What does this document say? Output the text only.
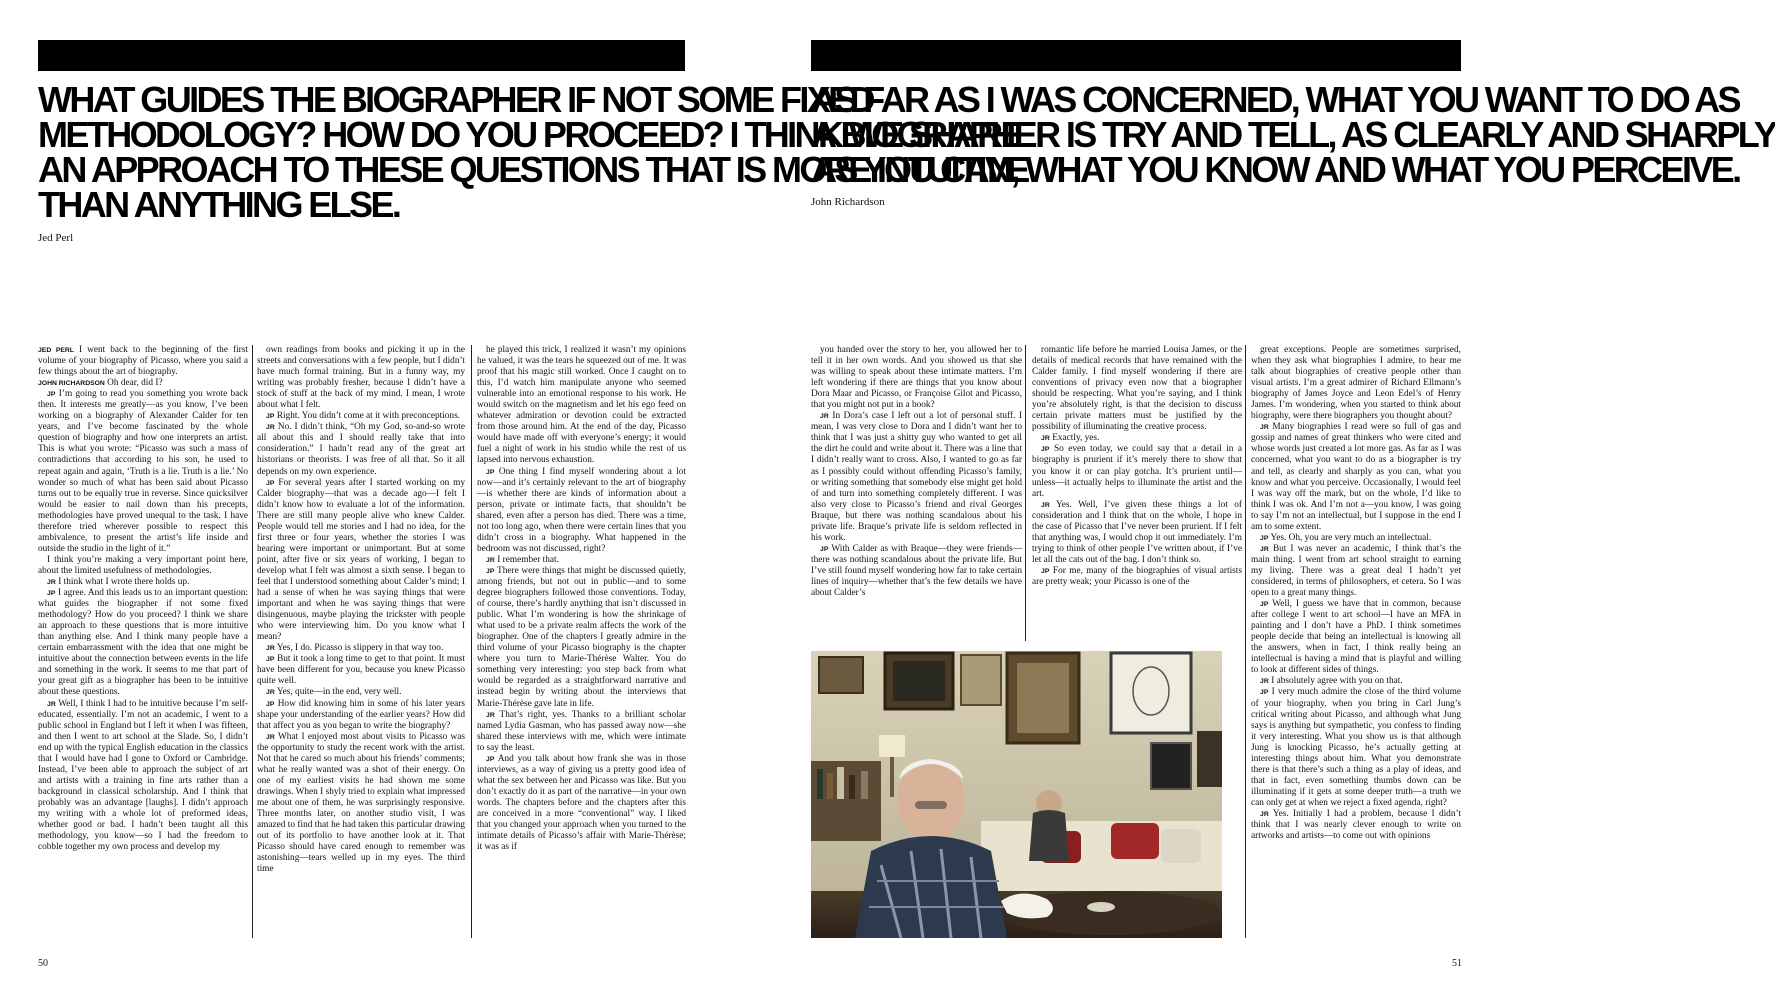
WHAT GUIDES THE BIOGRAPHER IF NOT SOME FIXED
METHODOLOGY? HOW DO YOU PROCEED? I THINK WE SHARE
AN APPROACH TO THESE QUESTIONS THAT IS MORE INTUITIVE
THAN ANYTHING ELSE.
Jed Perl

JED PERL I went back to the beginning of the first volume of your biography of Picasso, where you said a few things about the art of biography.

JOHN RICHARDSON Oh dear, did I?

JP I’m going to read you something you wrote back then. It interests me greatly—as you know, I’ve been working on a biography of Alexander Calder for ten years, and I’ve become fascinated by the whole question of biography and how one interprets an artist. This is what you wrote: “Picasso was such a mass of contradictions that according to his son, he used to repeat again and again, ‘Truth is a lie. Truth is a lie.’ No wonder so much of what has been said about Picasso turns out to be equally true in reverse. Since quicksilver would be easier to nail down than his precepts, methodologies have proved unequal to the task. I have therefore tried wherever possible to respect this ambivalence, to present the artist’s life inside and outside the studio in the light of it.”

I think you’re making a very important point here, about the limited usefulness of methodologies.

JR I think what I wrote there holds up.

JP I agree. And this leads us to an important question: what guides the biographer if not some fixed methodology? How do you proceed? I think we share an approach to these questions that is more intuitive than anything else. And I think many people have a certain embarrassment with the idea that one might be intuitive about the connection between events in the life and something in the work. It seems to me that part of your great gift as a biographer has been to be intuitive about these questions.

JR Well, I think I had to be intuitive because I’m self-educated, essentially. I’m not an academic, I went to a public school in England but I left it when I was fifteen, and then I went to art school at the Slade. So, I didn’t end up with the typical English education in the classics that I would have had I gone to Oxford or Cambridge. Instead, I’ve been able to approach the subject of art and artists with a training in fine arts rather than a background in classical scholarship. And I think that probably was an advantage [laughs]. I didn’t approach my writing with a whole lot of preformed ideas, whether good or bad. I hadn’t been taught all this methodology, you know—so I had the freedom to cobble together my own process and develop my

own readings from books and picking it up in the streets and conversations with a few people, but I didn’t have much formal training. But in a funny way, my writing was probably fresher, because I didn’t have a stock of stuff at the back of my mind. I mean, I wrote about what I felt.

JP Right. You didn’t come at it with preconceptions.

JR No. I didn’t think, “Oh my God, so-and-so wrote all about this and I should really take that into consideration.” I hadn’t read any of the great art historians or theorists. I was free of all that. So it all depends on my own experience.

JP For several years after I started working on my Calder biography—that was a decade ago—I felt I didn’t know how to evaluate a lot of the information. There are still many people alive who knew Calder. People would tell me stories and I had no idea, for the first three or four years, whether the stories I was hearing were important or unimportant. But at some point, after five or six years of working, I began to develop what I felt was almost a sixth sense. I began to feel that I understood something about Calder’s mind; I had a sense of when he was saying things that were important and when he was saying things that were disingenuous, maybe playing the trickster with people who were interviewing him. Do you know what I mean?

JR Yes, I do. Picasso is slippery in that way too.

JP But it took a long time to get to that point. It must have been different for you, because you knew Picasso quite well.

JR Yes, quite—in the end, very well.

JP How did knowing him in some of his later years shape your understanding of the earlier years? How did that affect you as you began to write the biography?

JR What I enjoyed most about visits to Picasso was the opportunity to study the recent work with the artist. Not that he cared so much about his friends’ comments; what he really wanted was a shot of their energy. On one of my earliest visits he had shown me some drawings. When I shyly tried to explain what impressed me about one of them, he was surprisingly responsive. Three months later, on another studio visit, I was amazed to find that he had taken this particular drawing out of its portfolio to have another look at it. That Picasso should have cared enough to remember was astonishing—tears welled up in my eyes. The third time

he played this trick, I realized it wasn’t my opinions he valued, it was the tears he squeezed out of me. It was proof that his magic still worked. Once I caught on to this, I’d watch him manipulate anyone who seemed vulnerable into an emotional response to his work. He would switch on the magnetism and let his ego feed on whatever admiration or devotion could be extracted from those around him. At the end of the day, Picasso would have made off with everyone’s energy; it would fuel a night of work in his studio while the rest of us lapsed into nervous exhaustion.

JP One thing I find myself wondering about a lot now—and it’s certainly relevant to the art of biography—is whether there are kinds of information about a person, private or intimate facts, that shouldn’t be shared, even after a person has died. There was a time, not too long ago, when there were certain lines that you didn’t cross in a biography. What happened in the bedroom was not discussed, right?

JR I remember that.

JP There were things that might be discussed quietly, among friends, but not out in public—and to some degree biographers followed those conventions. Today, of course, there’s hardly anything that isn’t discussed in public. What I’m wondering is how the shrinkage of what used to be a private realm affects the work of the biographer. One of the chapters I greatly admire in the third volume of your Picasso biography is the chapter where you turn to Marie-Thérèse Walter. You do something very interesting: you step back from what would be regarded as a straightforward narrative and instead begin by writing about the interviews that Marie-Thérèse gave late in life.

JR That’s right, yes. Thanks to a brilliant scholar named Lydia Gasman, who has passed away now—she shared these interviews with me, which were intimate to say the least.

JP And you talk about how frank she was in those interviews, as a way of giving us a pretty good idea of what the sex between her and Picasso was like. But you don’t exactly do it as part of the narrative—in your own words. The chapters before and the chapters after this are conceived in a more “conventional” way. I liked that you changed your approach when you turned to the intimate details of Picasso’s affair with Marie-Thérèse; it was as if

50
AS FAR AS I WAS CONCERNED, WHAT YOU WANT TO DO AS
A BIOGRAPHER IS TRY AND TELL, AS CLEARLY AND SHARPLY
AS YOU CAN, WHAT YOU KNOW AND WHAT YOU PERCEIVE.
John Richardson

you handed over the story to her, you allowed her to tell it in her own words. And you showed us that she was willing to speak about these intimate matters. I’m left wondering if there are things that you know about Dora Maar and Picasso, or Françoise Gilot and Picasso, that you might not put in a book?

JR In Dora’s case I left out a lot of personal stuff. I mean, I was very close to Dora and I didn’t want her to think that I was just a shitty guy who wanted to get all the dirt he could and write about it. There was a line that I didn’t really want to cross. Also, I wanted to go as far as I possibly could without offending Picasso’s family, or writing something that somebody else might get hold of and turn into something completely different. I was also very close to Picasso’s friend and rival Georges Braque, but there was nothing scandalous about his private life. Braque’s private life is seldom reflected in his work.

JP With Calder as with Braque—they were friends—there was nothing scandalous about the private life. But I’ve still found myself wondering how far to take certain lines of inquiry—whether that’s the few details we have about Calder’s

romantic life before he married Louisa James, or the details of medical records that have remained with the Calder family. I find myself wondering if there are conventions of privacy even now that a biographer should be respecting. What you’re saying, and I think you’re absolutely right, is that the decision to discuss certain private matters must be justified by the possibility of illuminating the creative process.

JR Exactly, yes.

JP So even today, we could say that a detail in a biography is prurient if it’s merely there to show that you know it or can play gotcha. It’s prurient until—unless—it actually helps to illuminate the artist and the art.

JR Yes. Well, I’ve given these things a lot of consideration and I think that on the whole, I hope in the case of Picasso that I’ve never been prurient. If I felt that anything was, I would chop it out immediately. I’m trying to think of other people I’ve written about, if I’ve let all the cats out of the bag. I don’t think so.

JP For me, many of the biographies of visual artists are pretty weak; your Picasso is one of the

great exceptions. People are sometimes surprised, when they ask what biographies I admire, to hear me talk about biographies of creative people other than visual artists. I’m a great admirer of Richard Ellmann’s biography of James Joyce and Leon Edel’s of Henry James. I’m wondering, when you started to think about biography, were there biographers you thought about?

JR Many biographies I read were so full of gas and gossip and names of great thinkers who were cited and whose words just created a lot more gas. As far as I was concerned, what you want to do as a biographer is try and tell, as clearly and sharply as you can, what you know and what you perceive. Occasionally, I would feel I was way off the mark, but on the whole, I’d like to think I was ok. And I’m not a—you know, I was going to say I’m not an intellectual, but I suppose in the end I am to some extent.

JP Yes. Oh, you are very much an intellectual.

JR But I was never an academic, I think that’s the main thing. I went from art school straight to earning my living. There was a great deal I hadn’t yet considered, in terms of philosophers, et cetera. So I was open to a great many things.

JP Well, I guess we have that in common, because after college I went to art school—I have an MFA in painting and I don’t have a PhD. I think sometimes people decide that being an intellectual is knowing all the answers, when in fact, I think really being an intellectual is having a mind that is playful and willing to look at different sides of things.

JR I absolutely agree with you on that.

JP I very much admire the close of the third volume of your biography, when you bring in Carl Jung’s critical writing about Picasso, and although what Jung says is anything but sympathetic, you confess to finding it very interesting. What you show us is that although Jung is knocking Picasso, he’s actually getting at interesting things about him. What you demonstrate there is that there’s such a thing as a play of ideas, and that in fact, even something thumbs down can be illuminating if it gets at some deeper truth—a truth we can only get at when we reject a fixed agenda, right?

JR Yes. Initially I had a problem, because I didn’t think that I was nearly clever enough to write on artworks and artists—to come out with opinions

51
